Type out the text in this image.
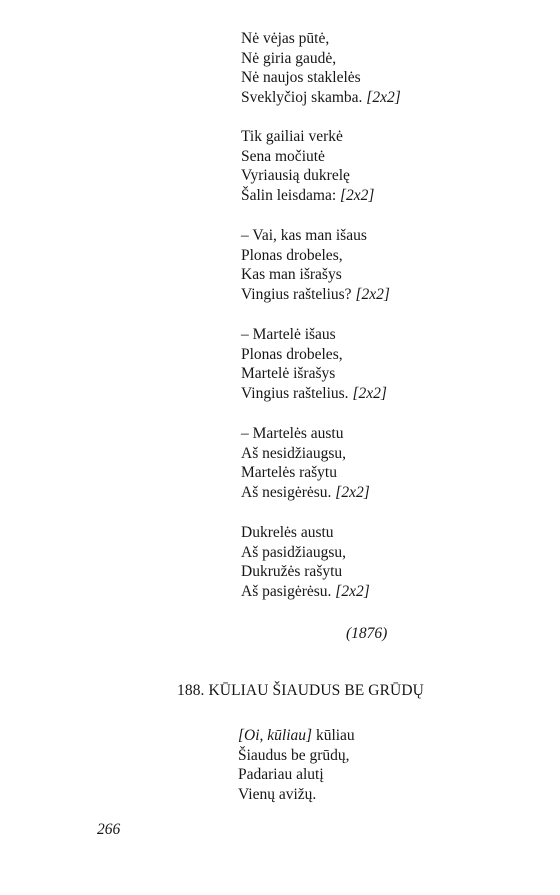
Nė vėjas pūtė,
Nė giria gaudė,
Nė naujos staklelės
Sveklyčioj skamba. [2x2]
Tik gailiai verkė
Sena močiutė
Vyriausią dukrelę
Šalin leisdama: [2x2]
– Vai, kas man išaus
Plonas drobeles,
Kas man išrašys
Vingius raštelius? [2x2]
– Martelė išaus
Plonas drobeles,
Martelė išrašys
Vingius raštelius. [2x2]
– Martelės austu
Aš nesidžiaugsu,
Martelės rašytu
Aš nesigėrėsu. [2x2]
Dukrelės austu
Aš pasidžiaugsu,
Dukružės rašytu
Aš pasigėrėsu. [2x2]
(1876)
188. KŪLIAU ŠIAUDUS BE GRŪDŲ
[Oi, kūliau] kūliau
Šiaudus be grūdų,
Padariau alutį
Vienų avižų.
266
